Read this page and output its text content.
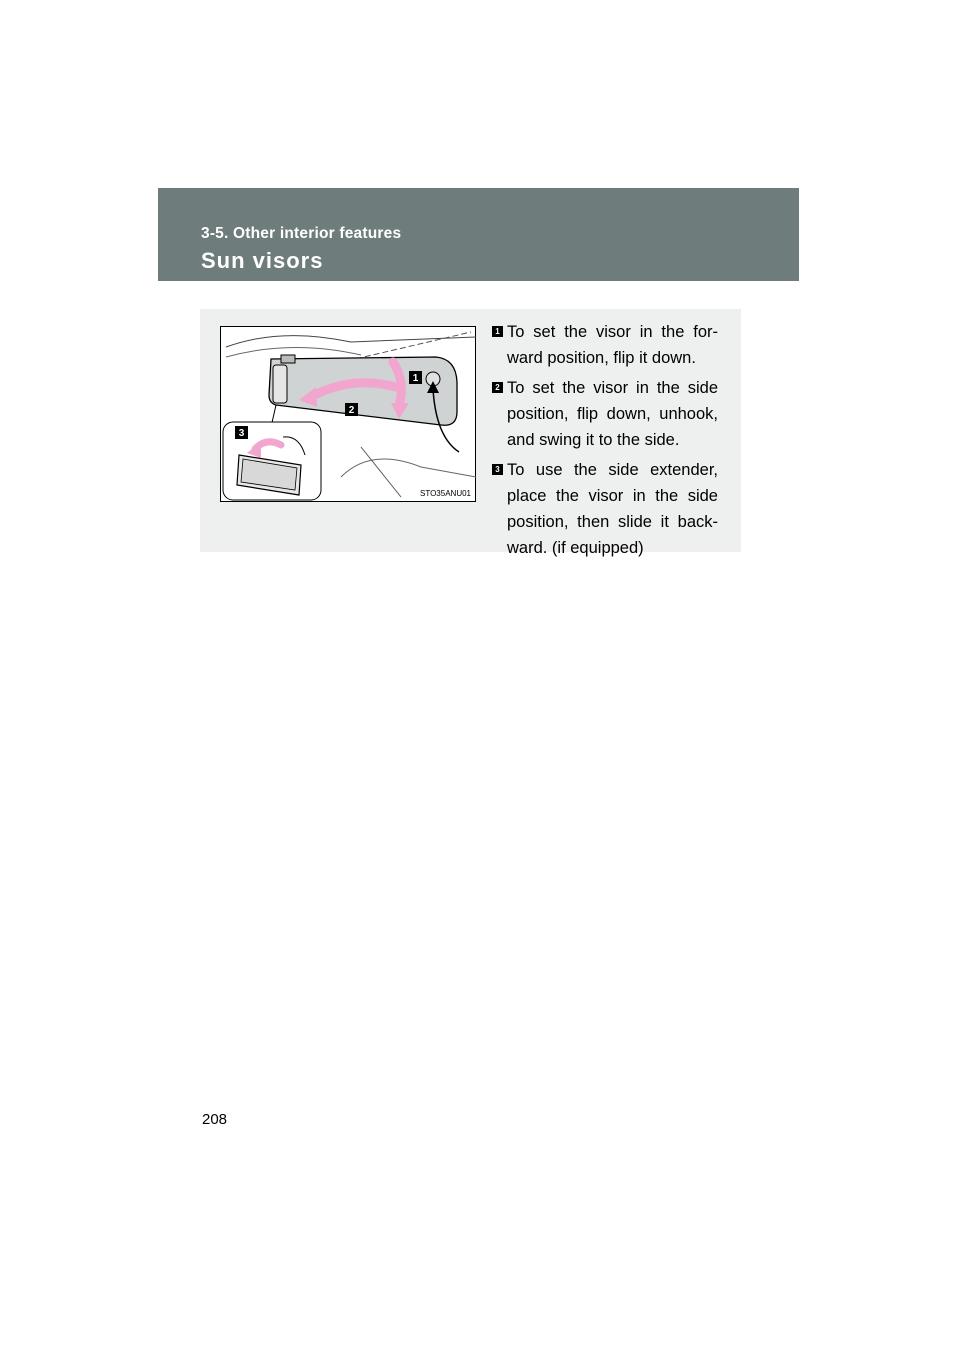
3-5. Other interior features
Sun visors
1
2
3
STO35ANU01
1 To set the visor in the for-ward position, flip it down.
2 To set the visor in the side position, flip down, unhook, and swing it to the side.
3 To use the side extender, place the visor in the side position, then slide it back-ward. (if equipped)
208
